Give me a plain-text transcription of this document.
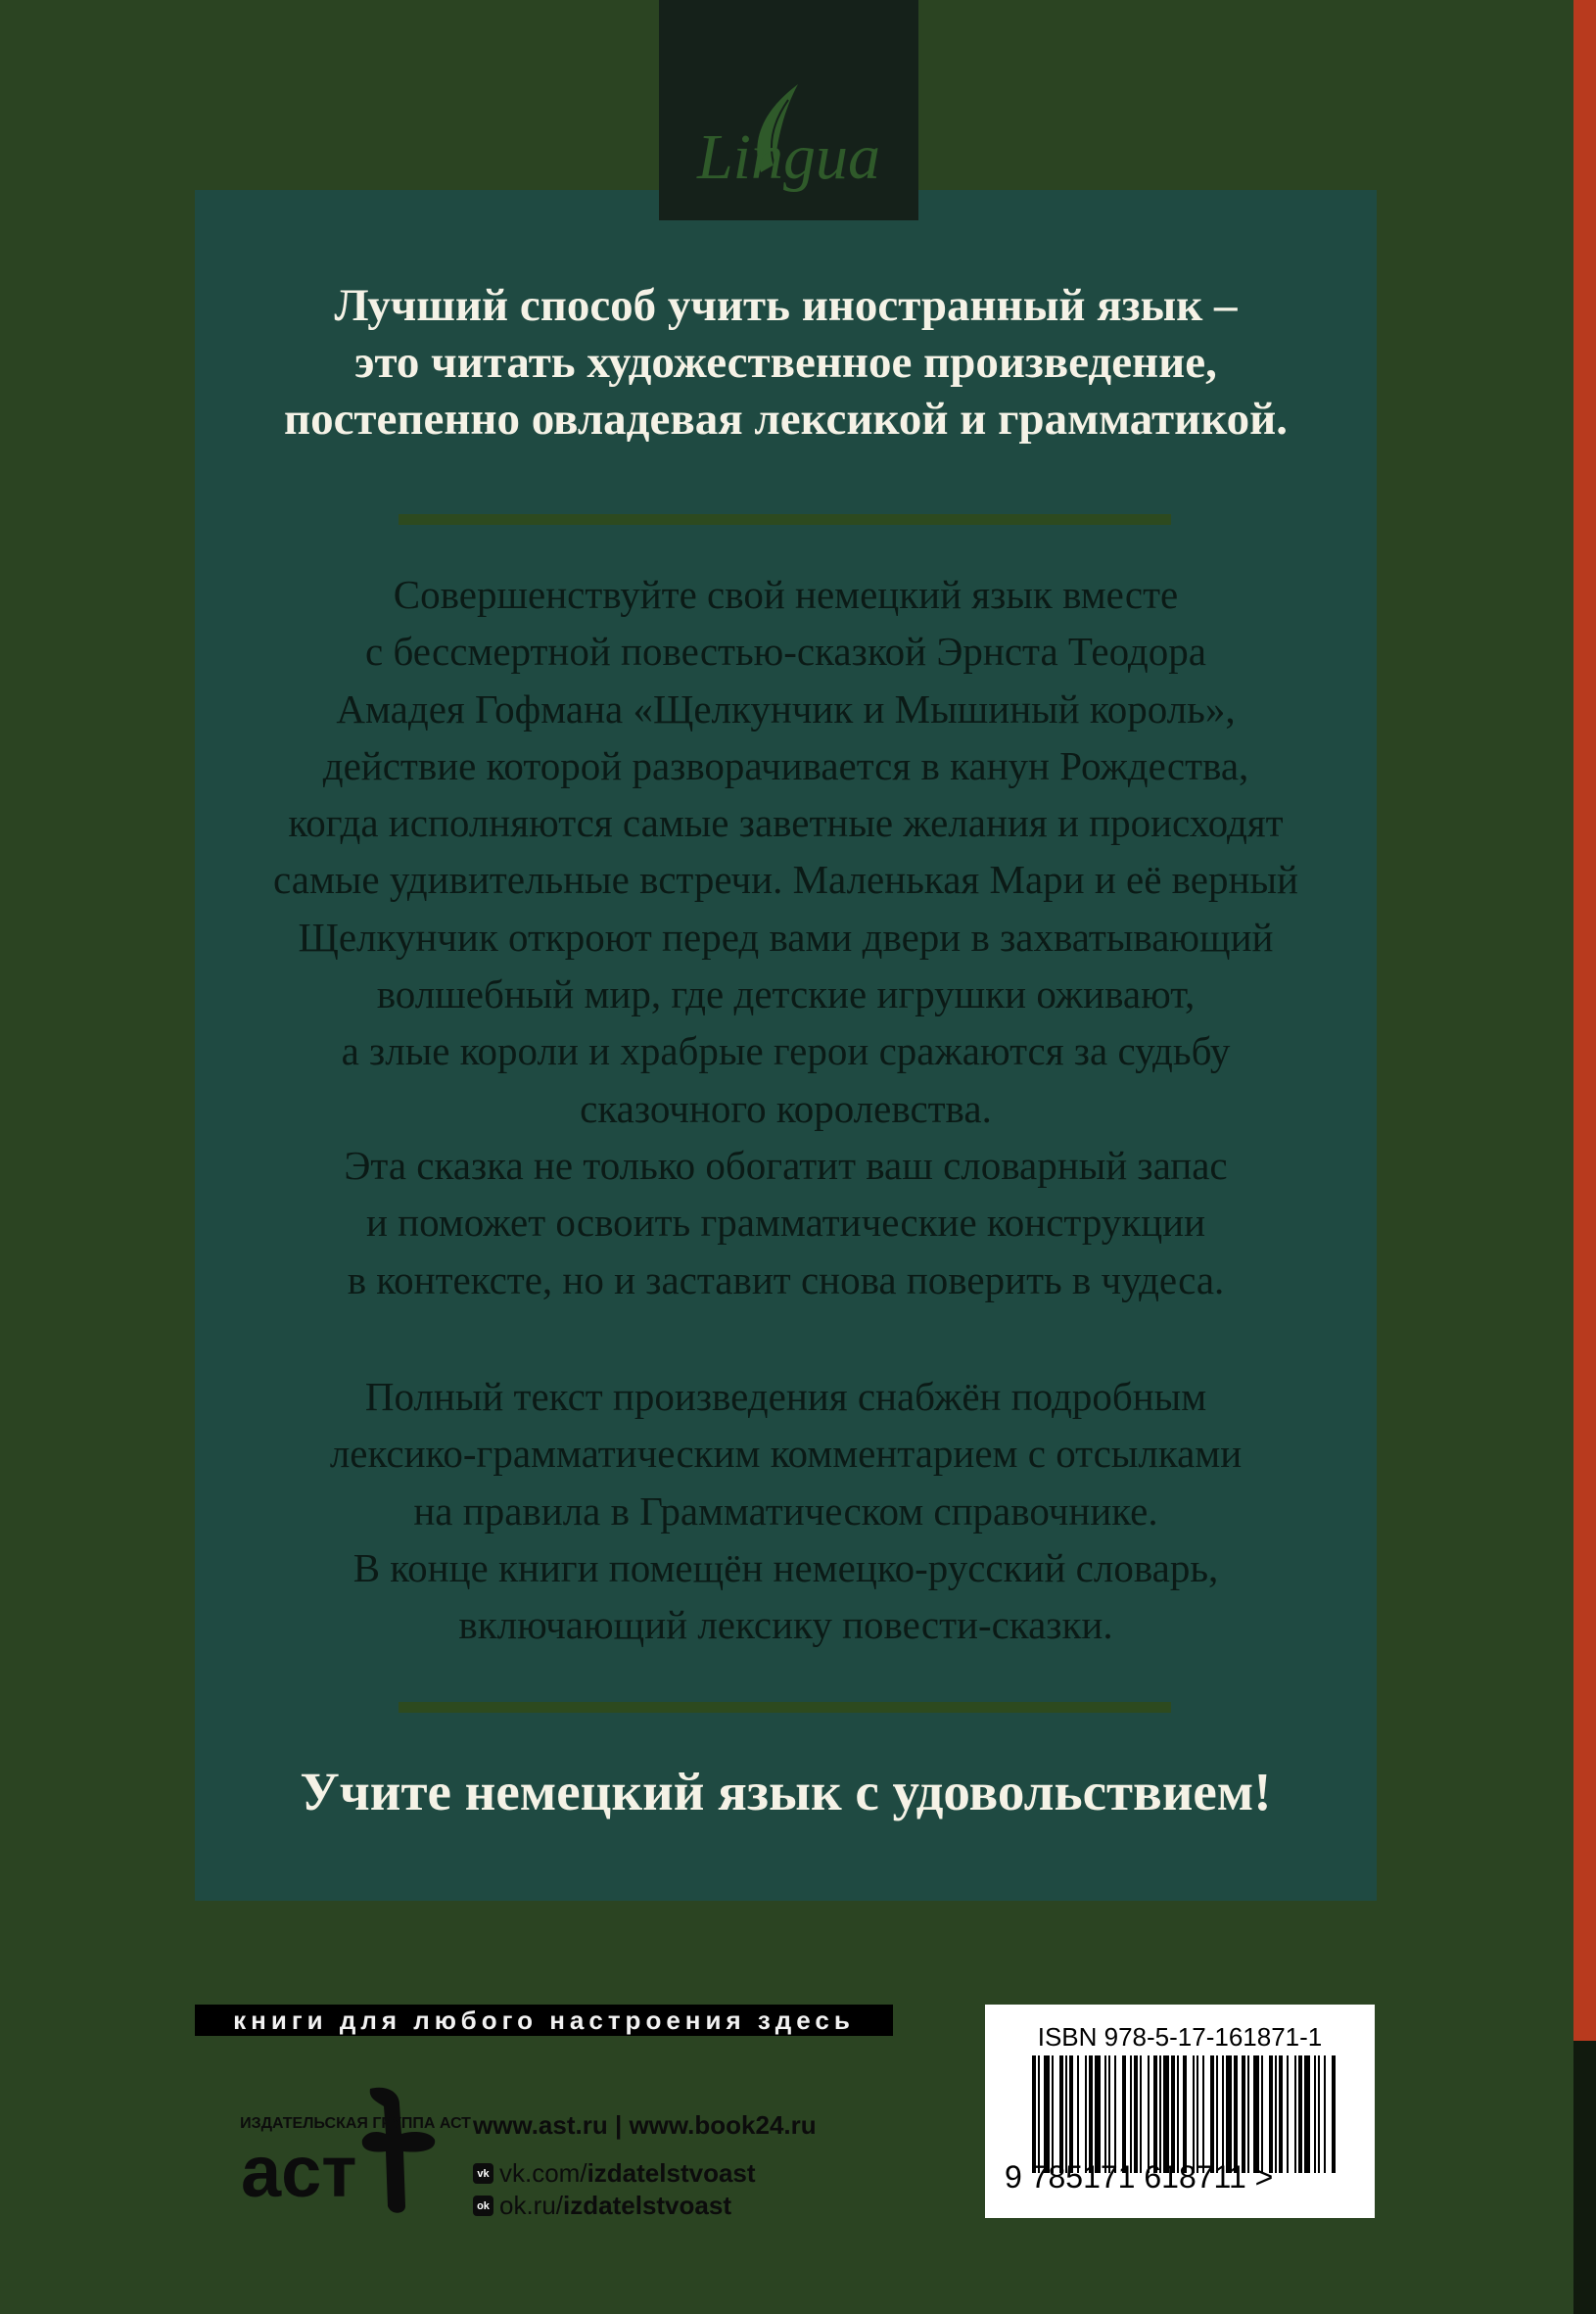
Lingua

Лучший способ учить иностранный язык –
это читать художественное произведение,
постепенно овладевая лексикой и грамматикой.

Совершенствуйте свой немецкий язык вместе
с бессмертной повестью-сказкой Эрнста Теодора
Амадея Гофмана «Щелкунчик и Мышиный король»,
действие которой разворачивается в канун Рождества,
когда исполняются самые заветные желания и происходят
самые удивительные встречи. Маленькая Мари и её верный
Щелкунчик откроют перед вами двери в захватывающий
волшебный мир, где детские игрушки оживают,
а злые короли и храбрые герои сражаются за судьбу
сказочного королевства.
Эта сказка не только обогатит ваш словарный запас
и поможет освоить грамматические конструкции
в контексте, но и заставит снова поверить в чудеса.

Полный текст произведения снабжён подробным
лексико-грамматическим комментарием с отсылками
на правила в Грамматическом справочнике.
В конце книги помещён немецко-русский словарь,
включающий лексику повести-сказки.

Учите немецкий язык с удовольствием!

книги для любого настроения здесь
аст
ИЗДАТЕЛЬСКАЯ ГРУППА АСТ www.ast.ru | www.book24.ru
vk vk.com/ izdatelstvoast
ok ok.ru/ izdatelstvoast
ISBN 978-5-17-161871-1
9 785171 618711 >
